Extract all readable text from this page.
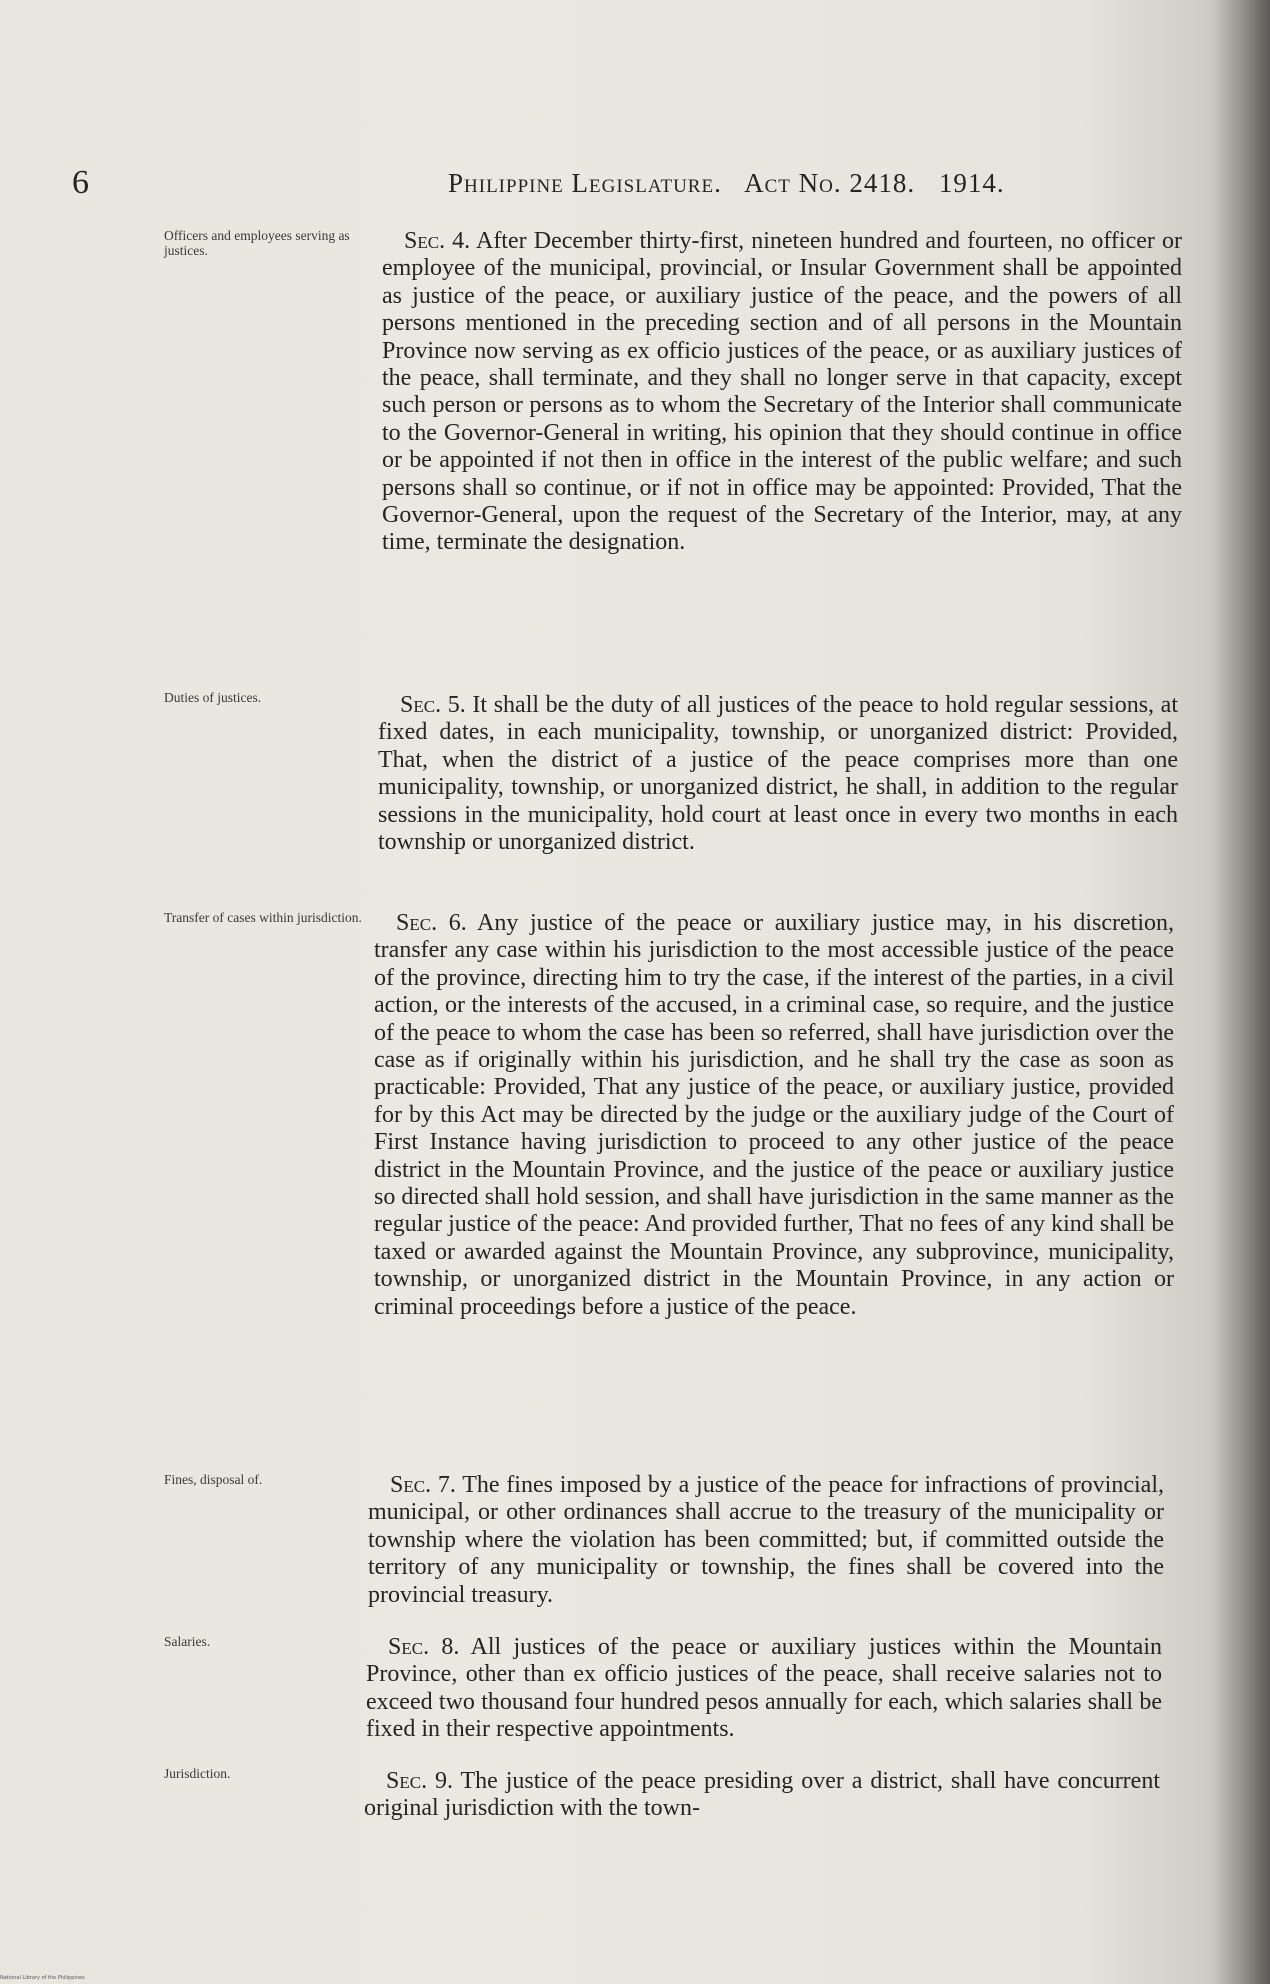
6	Philippine Legislature. Act No. 2418. 1914.
Officers and employees serving as justices.
Duties of justices.
Transfer of cases within jurisdiction.
Fines, disposal of.
Salaries.
Jurisdiction.

Sec. 4. After December thirty-first, nineteen hundred and fourteen, no officer or employee of the municipal, provincial, or Insular Government shall be appointed as justice of the peace, or auxiliary justice of the peace, and the powers of all persons mentioned in the preceding section and of all persons in the Mountain Province now serving as ex officio justices of the peace, or as auxiliary justices of the peace, shall terminate, and they shall no longer serve in that capacity, except such person or persons as to whom the Secretary of the Interior shall communicate to the Governor-General in writing, his opinion that they should continue in office or be appointed if not then in office in the interest of the public welfare; and such persons shall so continue, or if not in office may be appointed: Provided, That the Governor-General, upon the request of the Secretary of the Interior, may, at any time, terminate the designation.

Sec. 5. It shall be the duty of all justices of the peace to hold regular sessions, at fixed dates, in each municipality, township, or unorganized district: Provided, That, when the district of a justice of the peace comprises more than one municipality, township, or unorganized district, he shall, in addition to the regular sessions in the municipality, hold court at least once in every two months in each township or unorganized district.

Sec. 6. Any justice of the peace or auxiliary justice may, in his discretion, transfer any case within his jurisdiction to the most accessible justice of the peace of the province, directing him to try the case, if the interest of the parties, in a civil action, or the interests of the accused, in a criminal case, so require, and the justice of the peace to whom the case has been so referred, shall have jurisdiction over the case as if originally within his jurisdiction, and he shall try the case as soon as practicable: Provided, That any justice of the peace, or auxiliary justice, provided for by this Act may be directed by the judge or the auxiliary judge of the Court of First Instance having jurisdiction to proceed to any other justice of the peace district in the Mountain Province, and the justice of the peace or auxiliary justice so directed shall hold session, and shall have jurisdiction in the same manner as the regular justice of the peace: And provided further, That no fees of any kind shall be taxed or awarded against the Mountain Province, any subprovince, municipality, township, or unorganized district in the Mountain Province, in any action or criminal proceedings before a justice of the peace.

Sec. 7. The fines imposed by a justice of the peace for infractions of provincial, municipal, or other ordinances shall accrue to the treasury of the municipality or township where the violation has been committed; but, if committed outside the territory of any municipality or township, the fines shall be covered into the provincial treasury.

Sec. 8. All justices of the peace or auxiliary justices within the Mountain Province, other than ex officio justices of the peace, shall receive salaries not to exceed two thousand four hundred pesos annually for each, which salaries shall be fixed in their respective appointments.

Sec. 9. The justice of the peace presiding over a district, shall have concurrent original jurisdiction with the town-

National Library of the Philippines
